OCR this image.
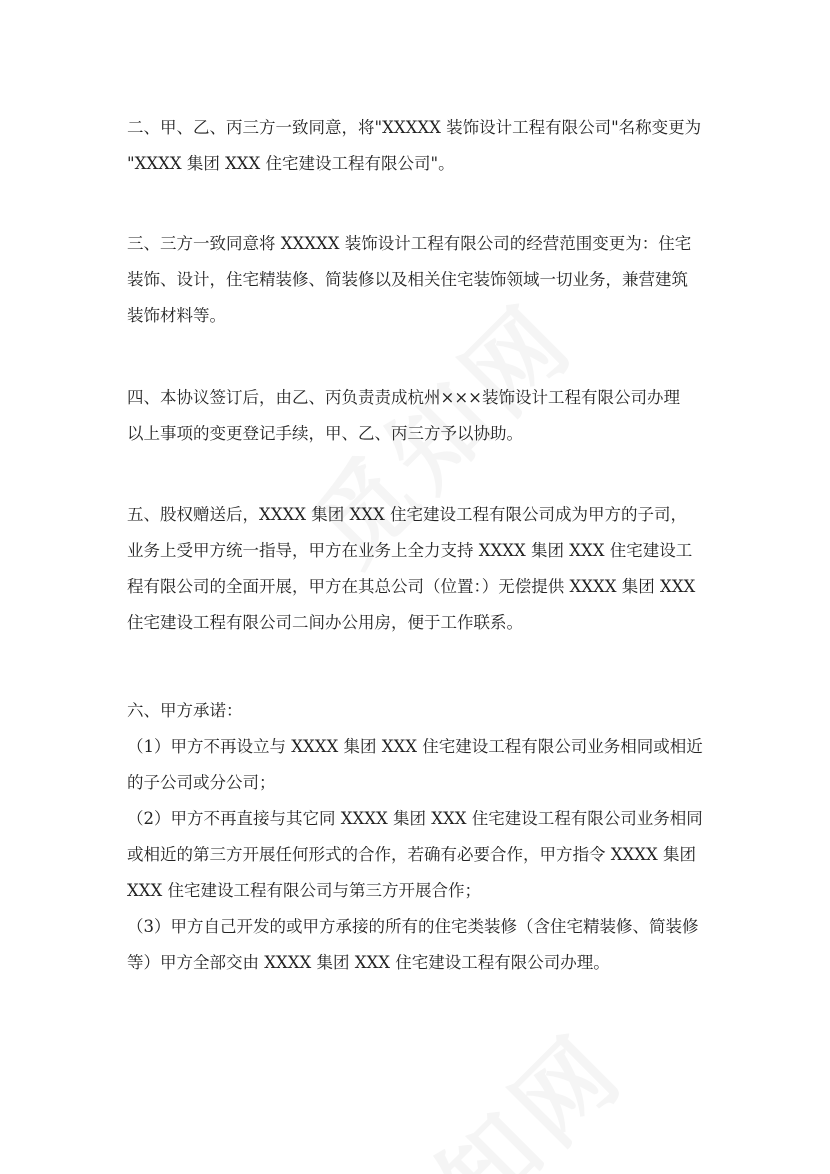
二、甲、乙、丙三方一致同意，将"XXXXX 装饰设计工程有限公司"名称变更为
"XXXX 集团 XXX 住宅建设工程有限公司"。
三、三方一致同意将 XXXXX 装饰设计工程有限公司的经营范围变更为：住宅
装饰、设计，住宅精装修、简装修以及相关住宅装饰领域一切业务，兼营建筑
装饰材料等。
四、本协议签订后，由乙、丙负责责成杭州×××装饰设计工程有限公司办理
以上事项的变更登记手续，甲、乙、丙三方予以协助。
五、股权赠送后，XXXX 集团 XXX 住宅建设工程有限公司成为甲方的子司，
业务上受甲方统一指导，甲方在业务上全力支持 XXXX 集团 XXX 住宅建设工
程有限公司的全面开展，甲方在其总公司（位置：）无偿提供 XXXX 集团 XXX
住宅建设工程有限公司二间办公用房，便于工作联系。
六、甲方承诺：
（1）甲方不再设立与 XXXX 集团 XXX 住宅建设工程有限公司业务相同或相近
的子公司或分公司；
（2）甲方不再直接与其它同 XXXX 集团 XXX 住宅建设工程有限公司业务相同
或相近的第三方开展任何形式的合作，若确有必要合作，甲方指令 XXXX 集团
XXX 住宅建设工程有限公司与第三方开展合作；
（3）甲方自己开发的或甲方承接的所有的住宅类装修（含住宅精装修、简装修
等）甲方全部交由 XXXX 集团 XXX 住宅建设工程有限公司办理。
